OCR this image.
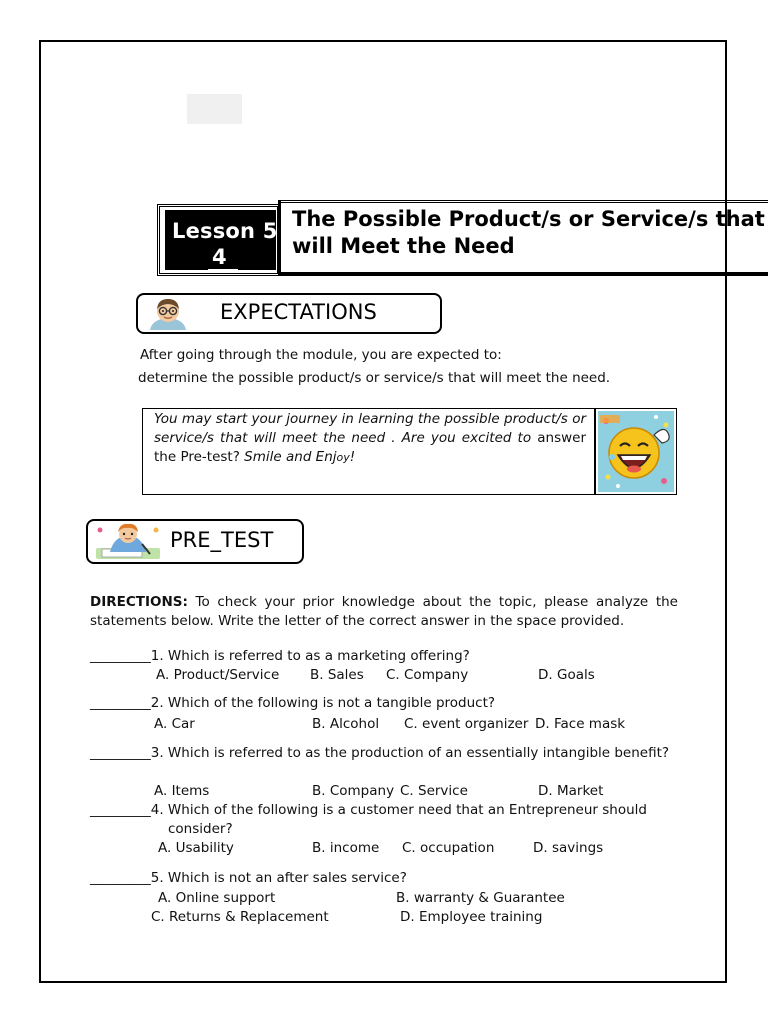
Lesson 5
4
The Possible Product/s or Service/s that will Meet the Need
EXPECTATIONS
After going through the module, you are expected to:
determine the possible product/s or service/s that will meet the need.
You may start your journey in learning the possible product/s or service/s that will meet the need . Are you excited to answer the Pre-test? Smile and Enjoy!
PRE_TEST
DIRECTIONS: To check your prior knowledge about the topic, please analyze the statements below. Write the letter of the correct answer in the space provided.
_________1. Which is referred to as a marketing offering?
A. Product/Service B. Sales C. Company	D. Goals
_________2. Which of the following is not a tangible product?
A. Car	B. Alcohol C. event organizer D. Face mask
_________3. Which is referred to as the production of an essentially intangible benefit?
A. Items	B. Company C. Service	D. Market
_________4. Which of the following is a customer need that an Entrepreneur should consider?
A. Usability	B. income C. occupation	D. savings
_________5. Which is not an after sales service?
A. Online support	B. warranty & Guarantee
C. Returns & Replacement	D. Employee training
